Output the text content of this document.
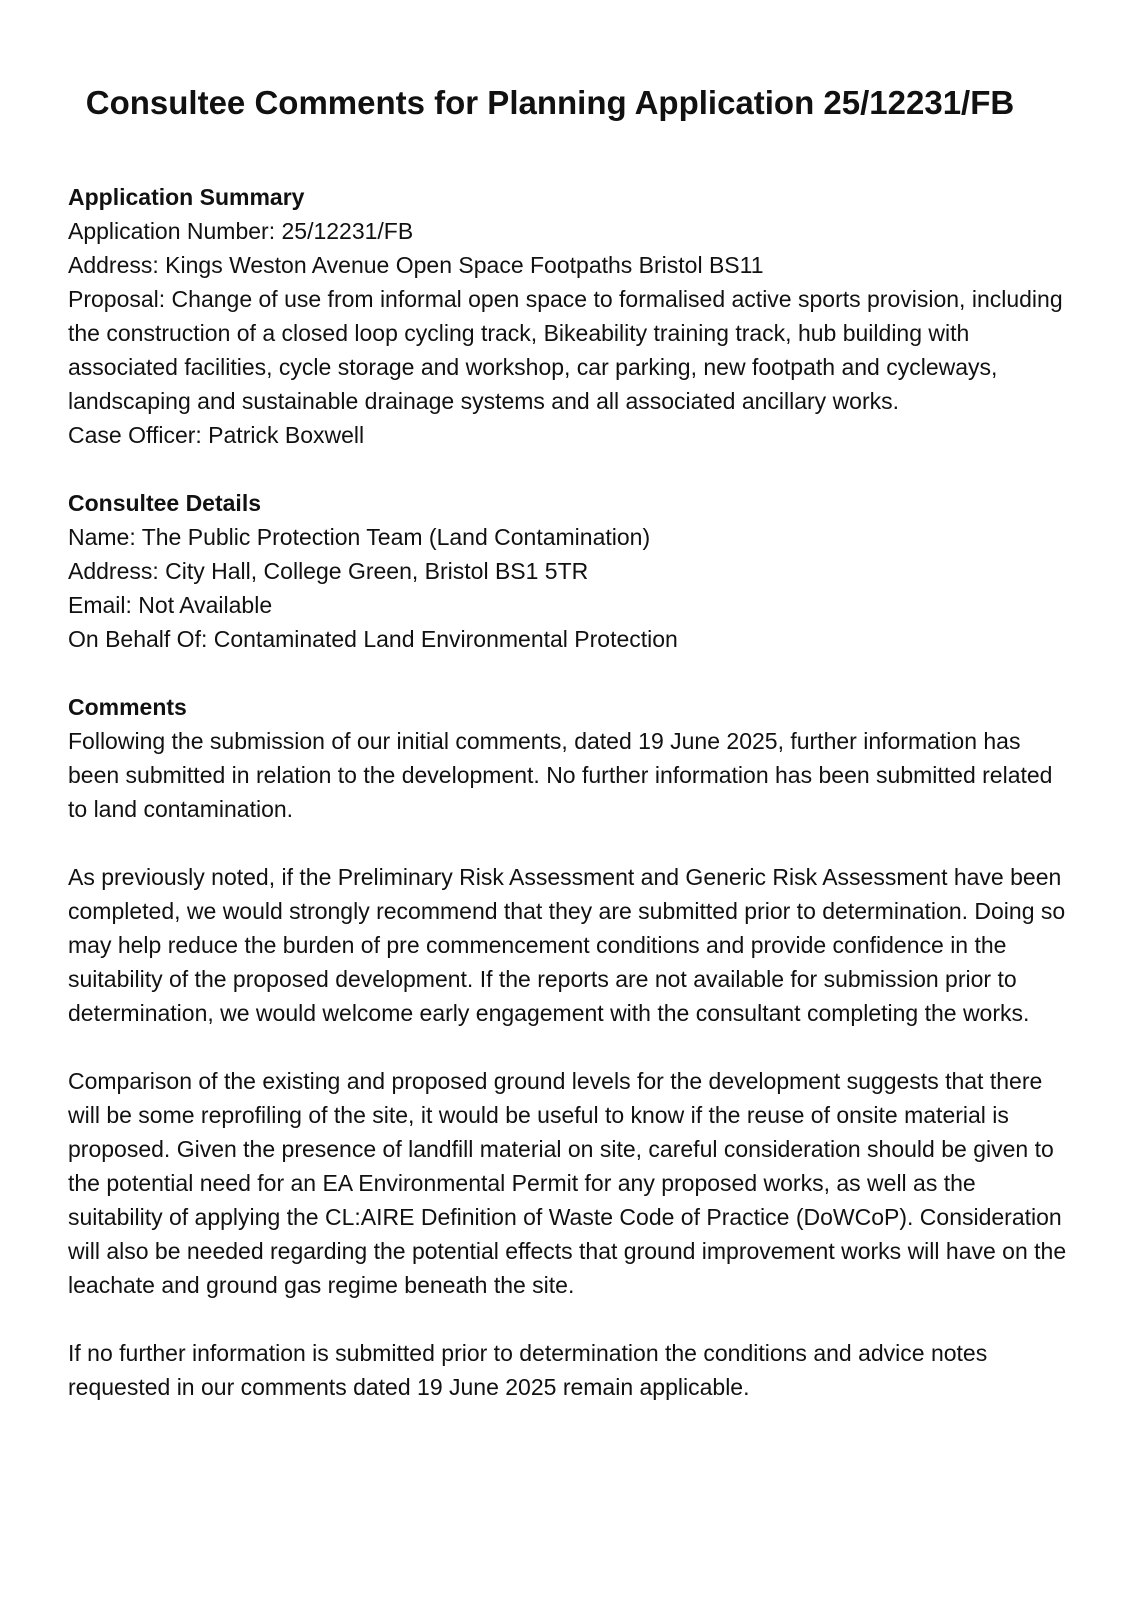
Consultee Comments for Planning Application 25/12231/FB
Application Summary
Application Number: 25/12231/FB
Address: Kings Weston Avenue Open Space Footpaths Bristol BS11
Proposal: Change of use from informal open space to formalised active sports provision, including
the construction of a closed loop cycling track, Bikeability training track, hub building with
associated facilities, cycle storage and workshop, car parking, new footpath and cycleways,
landscaping and sustainable drainage systems and all associated ancillary works.
Case Officer: Patrick Boxwell
Consultee Details
Name: The Public Protection Team (Land Contamination)
Address: City Hall, College Green, Bristol BS1 5TR
Email: Not Available
On Behalf Of: Contaminated Land Environmental Protection
Comments
Following the submission of our initial comments, dated 19 June 2025, further information has
been submitted in relation to the development. No further information has been submitted related
to land contamination.
As previously noted, if the Preliminary Risk Assessment and Generic Risk Assessment have been
completed, we would strongly recommend that they are submitted prior to determination. Doing so
may help reduce the burden of pre commencement conditions and provide confidence in the
suitability of the proposed development. If the reports are not available for submission prior to
determination, we would welcome early engagement with the consultant completing the works.
Comparison of the existing and proposed ground levels for the development suggests that there
will be some reprofiling of the site, it would be useful to know if the reuse of onsite material is
proposed. Given the presence of landfill material on site, careful consideration should be given to
the potential need for an EA Environmental Permit for any proposed works, as well as the
suitability of applying the CL:AIRE Definition of Waste Code of Practice (DoWCoP). Consideration
will also be needed regarding the potential effects that ground improvement works will have on the
leachate and ground gas regime beneath the site.
If no further information is submitted prior to determination the conditions and advice notes
requested in our comments dated 19 June 2025 remain applicable.
